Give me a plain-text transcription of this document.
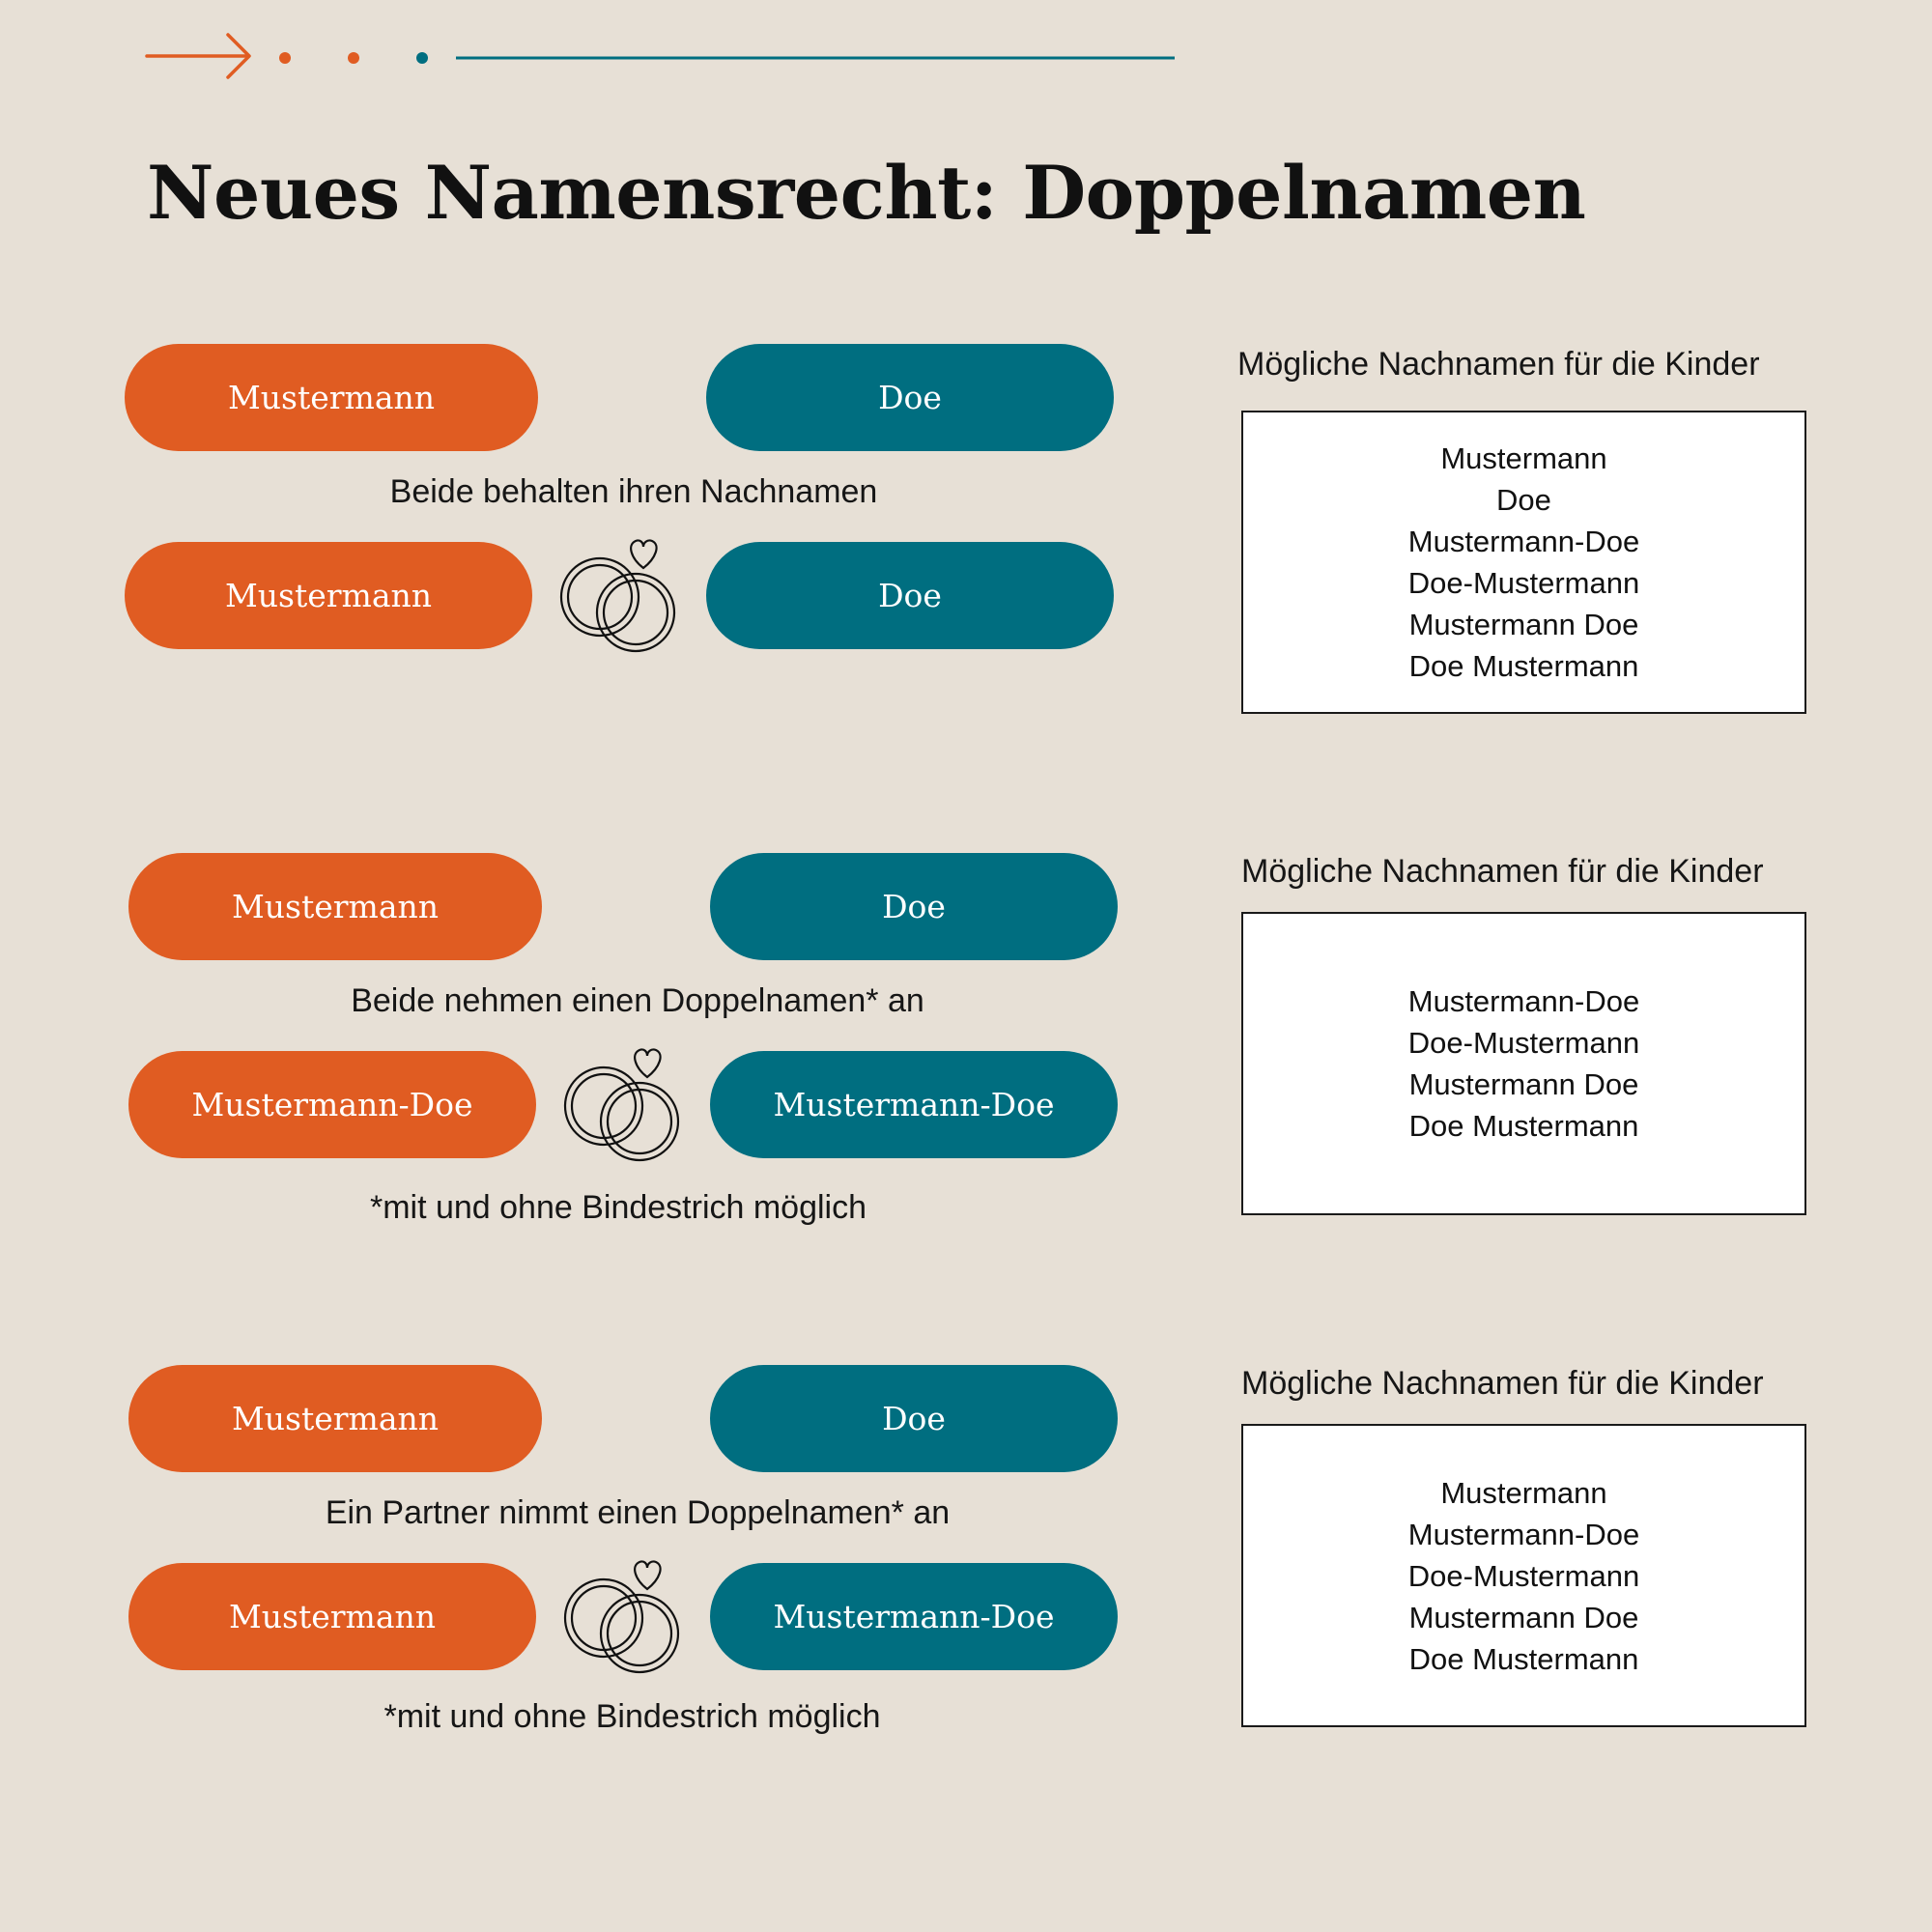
Neues Namensrecht: Doppelnamen
Mustermann	Doe
Beide behalten ihren Nachnamen
Mustermann	Doe
Mögliche Nachnamen für die Kinder
Mustermann
Doe
Mustermann-Doe
Doe-Mustermann
Mustermann Doe
Doe Mustermann
Mustermann	Doe
Beide nehmen einen Doppelnamen* an
Mustermann-Doe	Mustermann-Doe
*mit und ohne Bindestrich möglich
Mögliche Nachnamen für die Kinder
Mustermann-Doe
Doe-Mustermann
Mustermann Doe
Doe Mustermann
Mustermann	Doe
Ein Partner nimmt einen Doppelnamen* an
Mustermann	Mustermann-Doe
*mit und ohne Bindestrich möglich
Mögliche Nachnamen für die Kinder
Mustermann
Mustermann-Doe
Doe-Mustermann
Mustermann Doe
Doe Mustermann
